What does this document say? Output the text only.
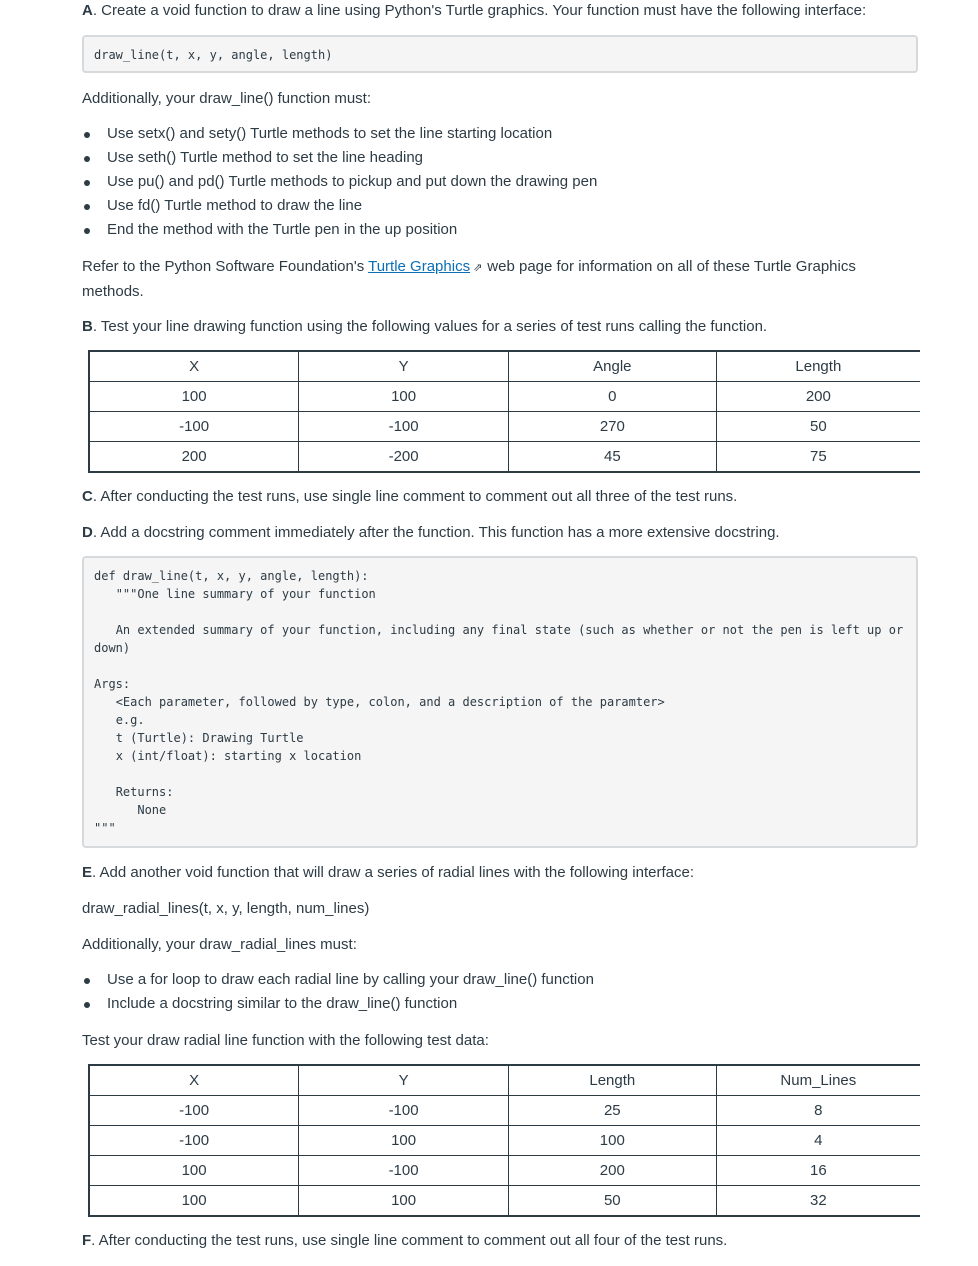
A. Create a void function to draw a line using Python's Turtle graphics. Your function must have the following interface:

draw_line(t, x, y, angle, length)

Additionally, your draw_line() function must:

Use setx() and sety() Turtle methods to set the line starting location
Use seth() Turtle method to set the line heading
Use pu() and pd() Turtle methods to pickup and put down the drawing pen
Use fd() Turtle method to draw the line
End the method with the Turtle pen in the up position

Refer to the Python Software Foundation's Turtle Graphics ⇗ web page for information on all of these Turtle Graphics methods.

B. Test your line drawing function using the following values for a series of test runs calling the function.

X	Y	Angle	Length
100	100	0	200
-100	-100	270	50
200	-200	45	75

C. After conducting the test runs, use single line comment to comment out all three of the test runs.

D. Add a docstring comment immediately after the function. This function has a more extensive docstring.

def draw_line(t, x, y, angle, length):
"""One line summary of your function

An extended summary of your function, including any final state (such as whether or not the pen is left up or down)

Args:
<Each parameter, followed by type, colon, and a description of the paramter>
e.g.
t (Turtle): Drawing Turtle
x (int/float): starting x location

Returns:
None
"""

E. Add another void function that will draw a series of radial lines with the following interface:

draw_radial_lines(t, x, y, length, num_lines)

Additionally, your draw_radial_lines must:

Use a for loop to draw each radial line by calling your draw_line() function
Include a docstring similar to the draw_line() function

Test your draw radial line function with the following test data:

X	Y	Length	Num_Lines
-100	-100	25	8
-100	100	100	4
100	-100	200	16
100	100	50	32

F. After conducting the test runs, use single line comment to comment out all four of the test runs.
